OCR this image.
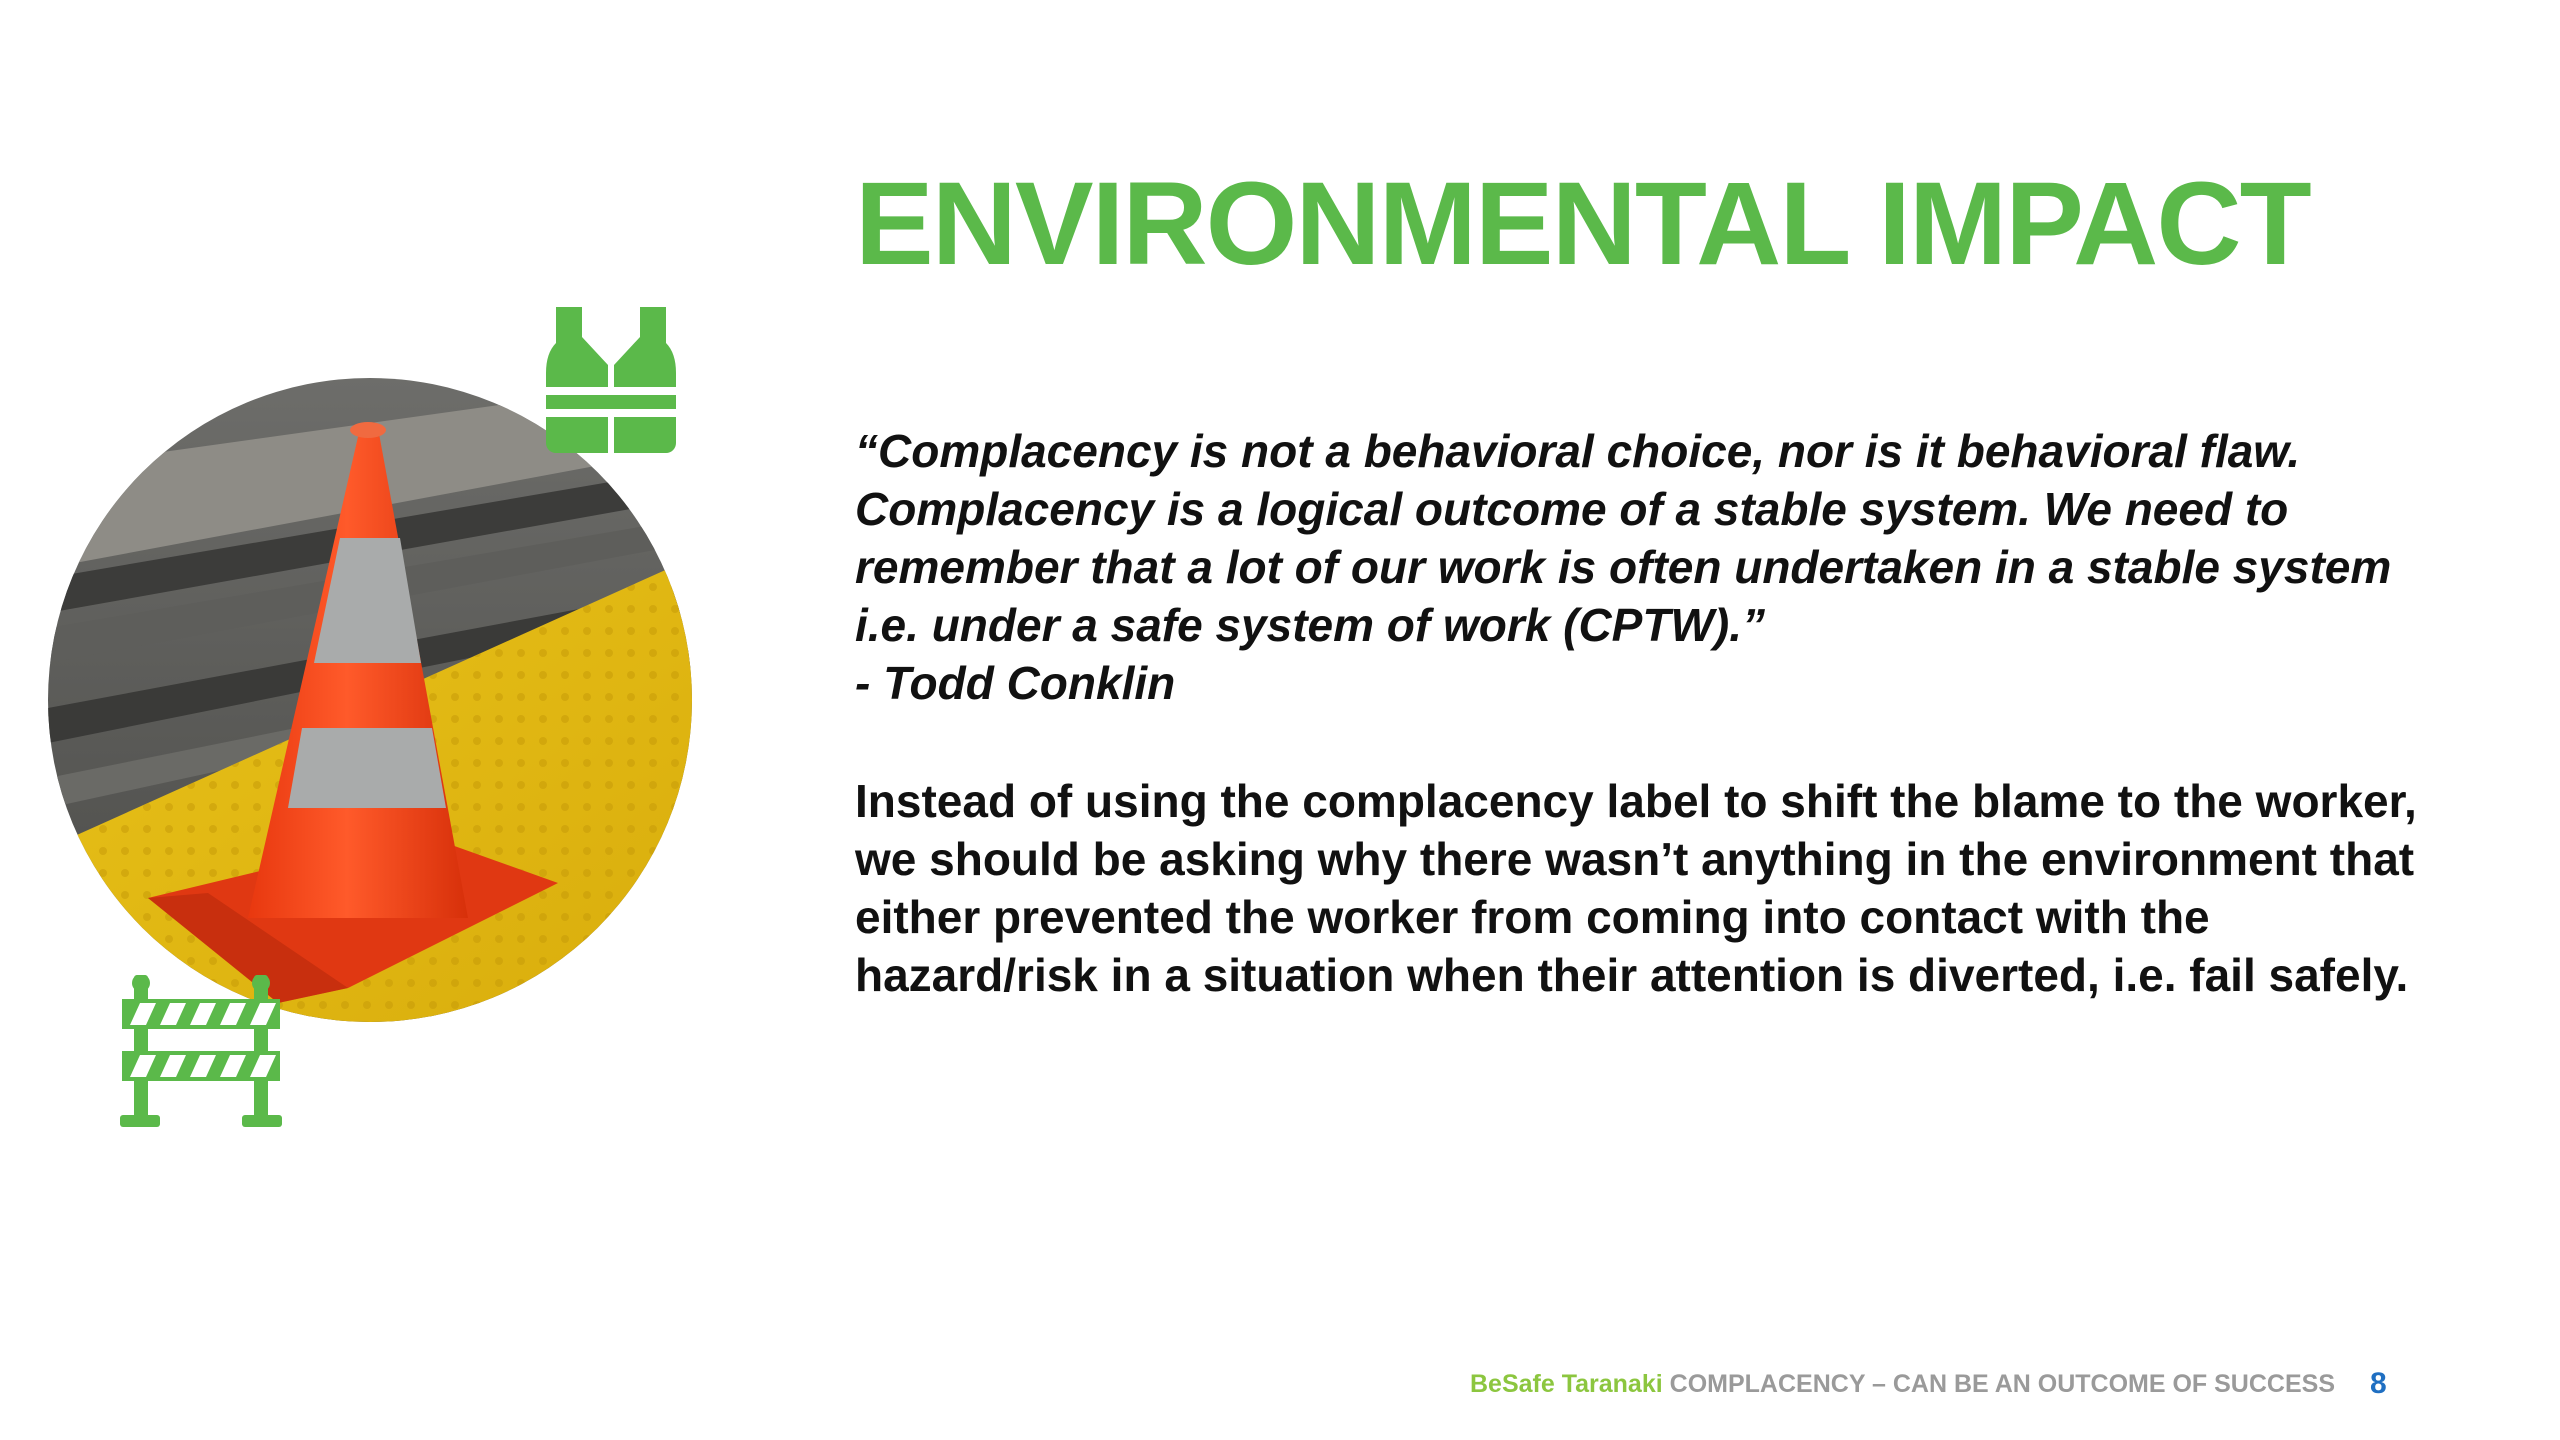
ENVIRONMENTAL IMPACT
“Complacency is not a behavioral choice, nor is it behavioral flaw.
Complacency is a logical outcome of a stable system. We need to
remember that a lot of our work is often undertaken in a stable system
i.e. under a safe system of work (CPTW).”
- Todd Conklin
Instead of using the complacency label to shift the blame to the worker,
we should be asking why there wasn’t anything in the environment that
either prevented the worker from coming into contact with the
hazard/risk in a situation when their attention is diverted, i.e. fail safely.
BeSafe Taranaki COMPLACENCY – CAN BE AN OUTCOME OF SUCCESS 8
